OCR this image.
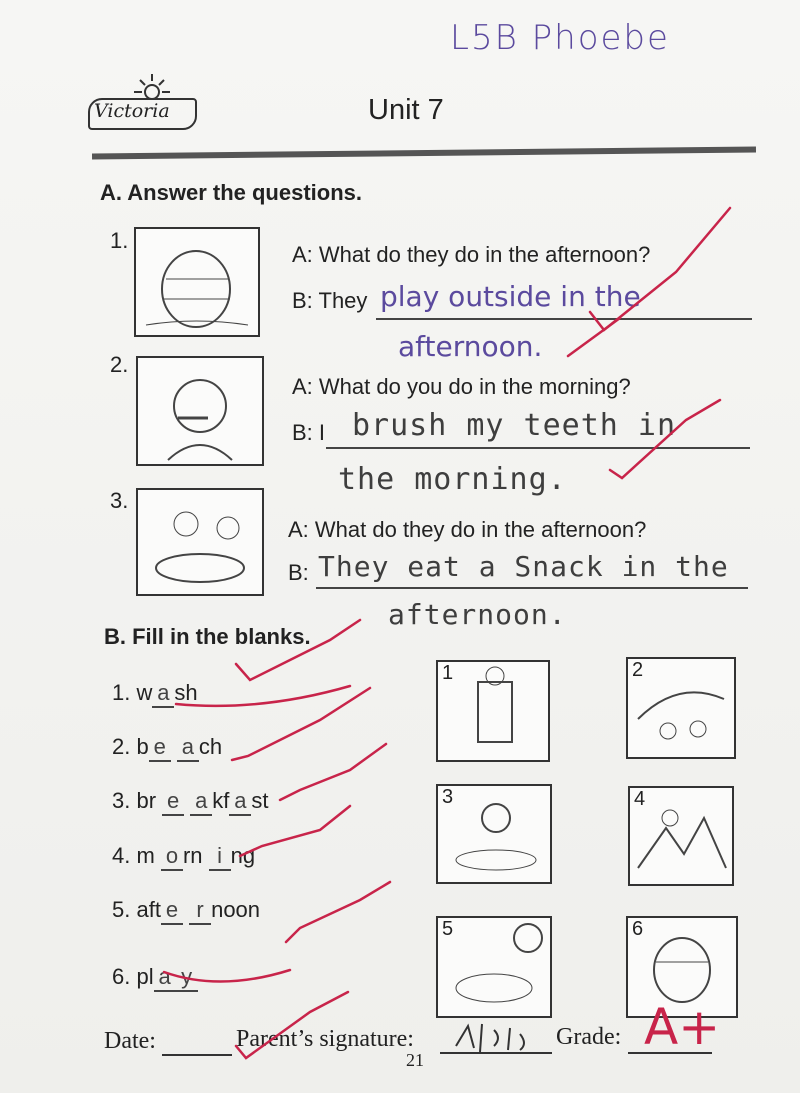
L5B Phoebe
Victoria	Unit 7
A. Answer the questions.
1.
A: What do they do in the afternoon?
B: They play outside in the
afternoon.
2.
A: What do you do in the morning?
B: I brush my teeth in
the morning.
3.
A: What do they do in the afternoon?
B: They eat a Snack in the
afternoon.
B. Fill in the blanks.
1. w a sh
2. b e a ch
3. br e a kf a st
4. m o rn i ng
5. aft e r noon
6. pl a y
1	2
3	4
5	6
Date:	Parent’s signature:	Grade: A+
21
